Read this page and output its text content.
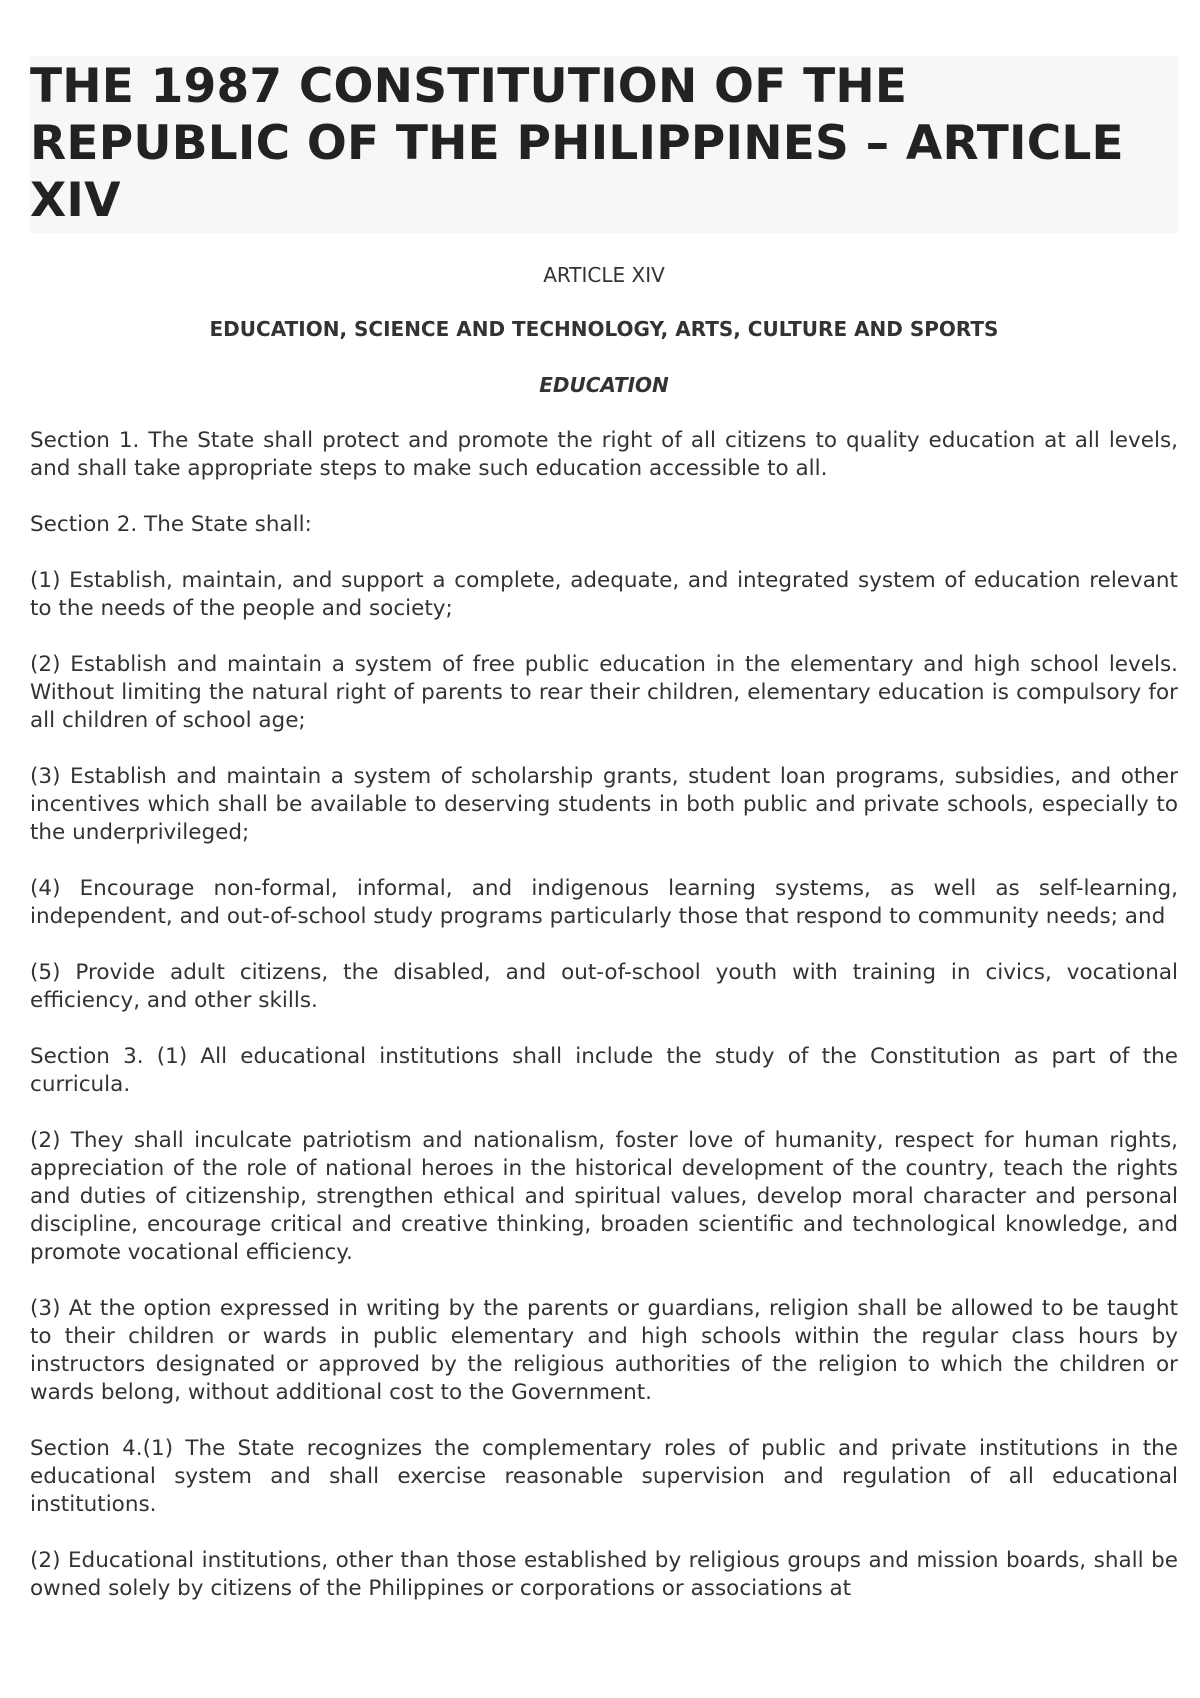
THE 1987 CONSTITUTION OF THE REPUBLIC OF THE PHILIPPINES – ARTICLE XIV

ARTICLE XIV

EDUCATION, SCIENCE AND TECHNOLOGY, ARTS, CULTURE AND SPORTS

EDUCATION

Section 1. The State shall protect and promote the right of all citizens to quality education at all levels, and shall take appropriate steps to make such education accessible to all.

Section 2. The State shall:

(1) Establish, maintain, and support a complete, adequate, and integrated system of education relevant to the needs of the people and society;

(2) Establish and maintain a system of free public education in the elementary and high school levels. Without limiting the natural right of parents to rear their children, elementary education is compulsory for all children of school age;

(3) Establish and maintain a system of scholarship grants, student loan programs, subsidies, and other incentives which shall be available to deserving students in both public and private schools, especially to the underprivileged;

(4) Encourage non-formal, informal, and indigenous learning systems, as well as self-learning, independent, and out-of-school study programs particularly those that respond to community needs; and

(5) Provide adult citizens, the disabled, and out-of-school youth with training in civics, vocational efficiency, and other skills.

Section 3. (1) All educational institutions shall include the study of the Constitution as part of the curricula.

(2) They shall inculcate patriotism and nationalism, foster love of humanity, respect for human rights, appreciation of the role of national heroes in the historical development of the country, teach the rights and duties of citizenship, strengthen ethical and spiritual values, develop moral character and personal discipline, encourage critical and creative thinking, broaden scientific and technological knowledge, and promote vocational efficiency.

(3) At the option expressed in writing by the parents or guardians, religion shall be allowed to be taught to their children or wards in public elementary and high schools within the regular class hours by instructors designated or approved by the religious authorities of the religion to which the children or wards belong, without additional cost to the Government.

Section 4.(1) The State recognizes the complementary roles of public and private institutions in the educational system and shall exercise reasonable supervision and regulation of all educational institutions.

(2) Educational institutions, other than those established by religious groups and mission boards, shall be owned solely by citizens of the Philippines or corporations or associations at
